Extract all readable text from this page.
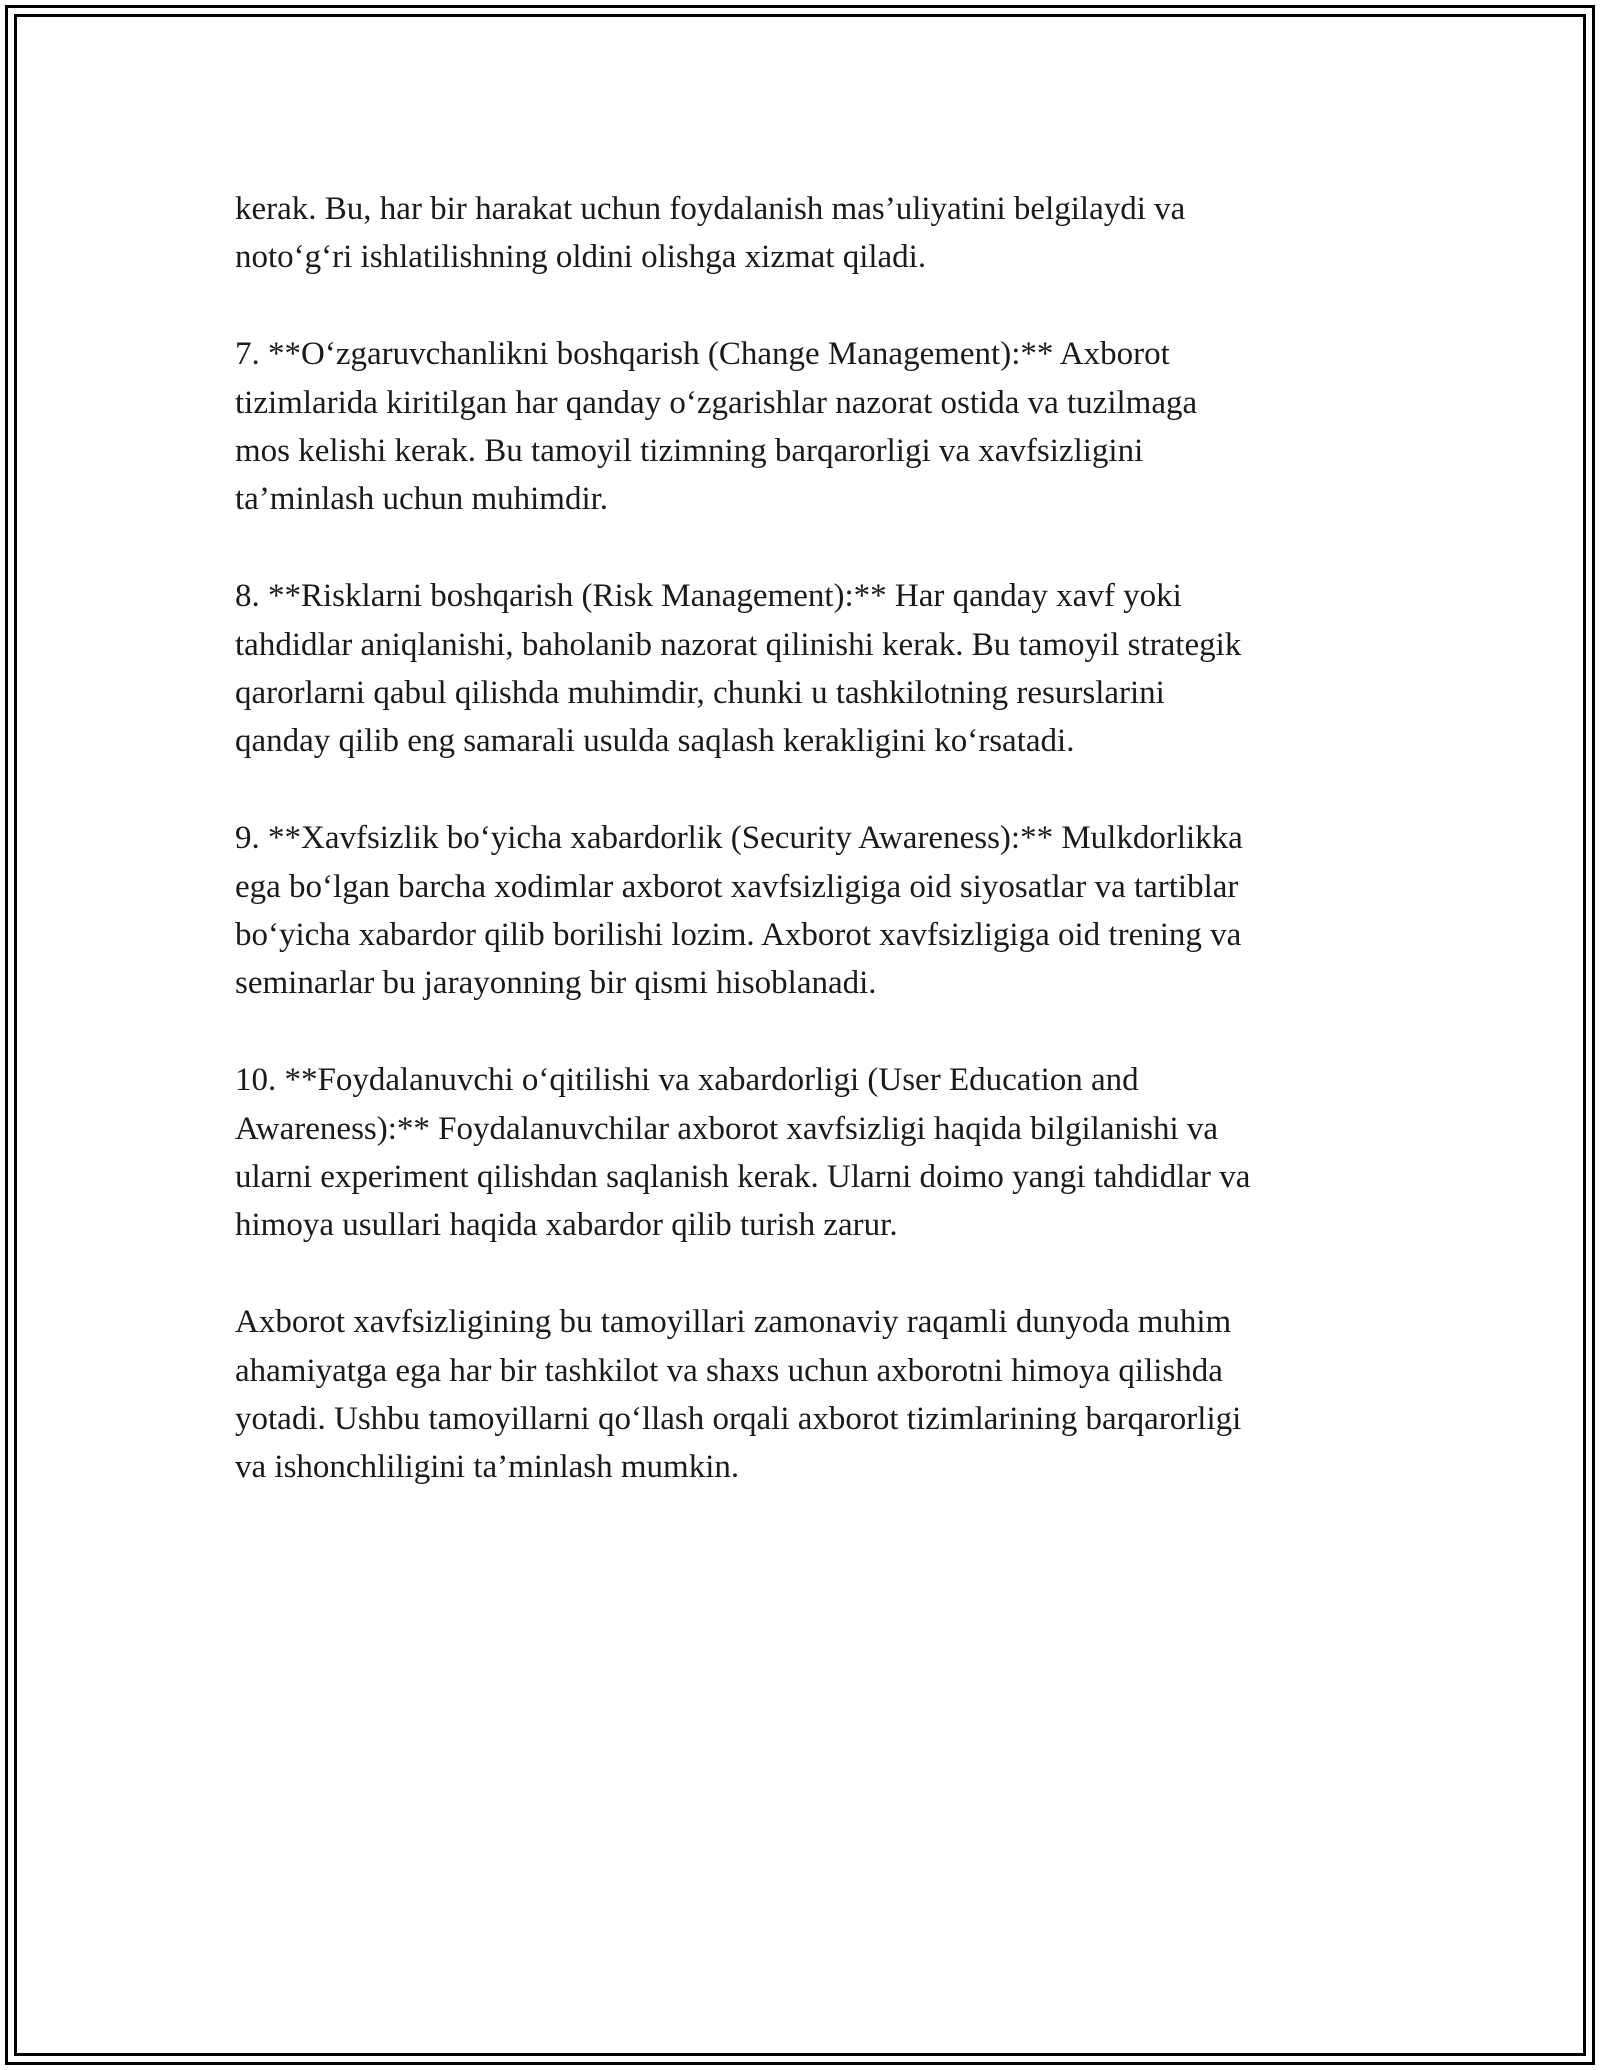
kerak. Bu, har bir harakat uchun foydalanish mas’uliyatini belgilaydi va
noto‘g‘ri ishlatilishning oldini olishga xizmat qiladi.

7. **O‘zgaruvchanlikni boshqarish (Change Management):** Axborot
tizimlarida kiritilgan har qanday o‘zgarishlar nazorat ostida va tuzilmaga
mos kelishi kerak. Bu tamoyil tizimning barqarorligi va xavfsizligini
ta’minlash uchun muhimdir.

8. **Risklarni boshqarish (Risk Management):** Har qanday xavf yoki
tahdidlar aniqlanishi, baholanib nazorat qilinishi kerak. Bu tamoyil strategik
qarorlarni qabul qilishda muhimdir, chunki u tashkilotning resurslarini
qanday qilib eng samarali usulda saqlash kerakligini ko‘rsatadi.

9. **Xavfsizlik bo‘yicha xabardorlik (Security Awareness):** Mulkdorlikka
ega bo‘lgan barcha xodimlar axborot xavfsizligiga oid siyosatlar va tartiblar
bo‘yicha xabardor qilib borilishi lozim. Axborot xavfsizligiga oid trening va
seminarlar bu jarayonning bir qismi hisoblanadi.

10. **Foydalanuvchi o‘qitilishi va xabardorligi (User Education and
Awareness):** Foydalanuvchilar axborot xavfsizligi haqida bilgilanishi va
ularni experiment qilishdan saqlanish kerak. Ularni doimo yangi tahdidlar va
himoya usullari haqida xabardor qilib turish zarur.

Axborot xavfsizligining bu tamoyillari zamonaviy raqamli dunyoda muhim
ahamiyatga ega har bir tashkilot va shaxs uchun axborotni himoya qilishda
yotadi. Ushbu tamoyillarni qo‘llash orqali axborot tizimlarining barqarorligi
va ishonchliligini ta’minlash mumkin.
